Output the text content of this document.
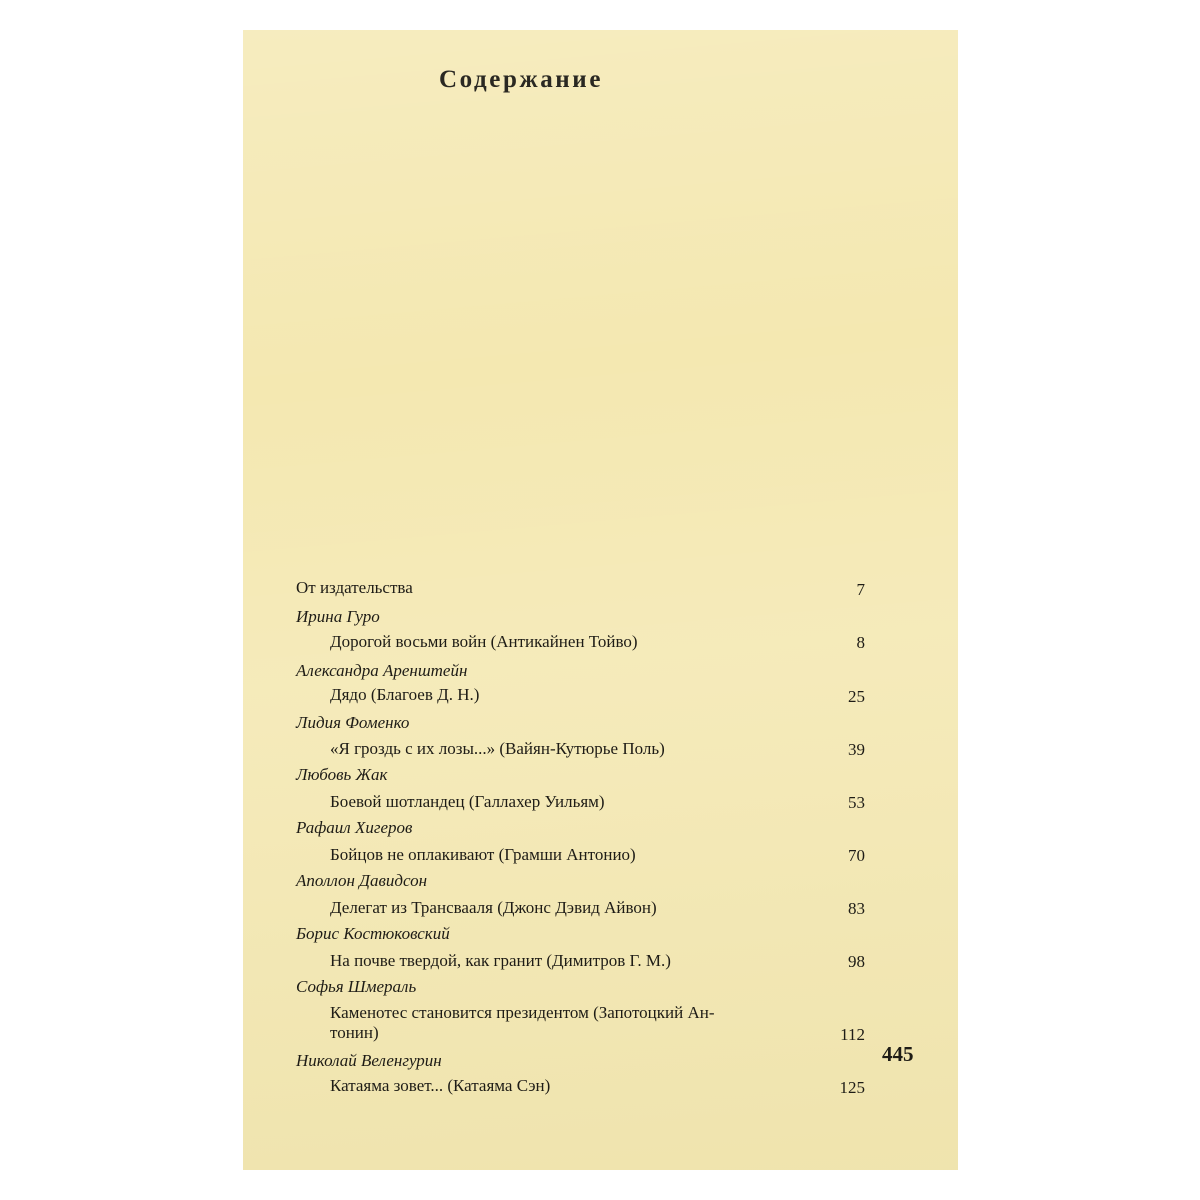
Содержание
От издательства	7
Ирина Гуро
Дорогой восьми войн (Антикайнен Тойво)	8
Александра Аренштейн
Дядо (Благоев Д. Н.)	25
Лидия Фоменко
«Я гроздь с их лозы...» (Вайян-Кутюрье Поль)	39
Любовь Жак
Боевой шотландец (Галлахер Уильям)	53
Рафаил Хигеров
Бойцов не оплакивают (Грамши Антонио)	70
Аполлон Давидсон
Делегат из Трансвааля (Джонс Дэвид Айвон)	83
Борис Костюковский
На почве твердой, как гранит (Димитров Г. М.)	98
Софья Шмераль
Каменотес становится президентом (Запотоцкий Ан-
тонин)	112
Николай Веленгурин
Катаяма зовет... (Катаяма Сэн)	125
445
